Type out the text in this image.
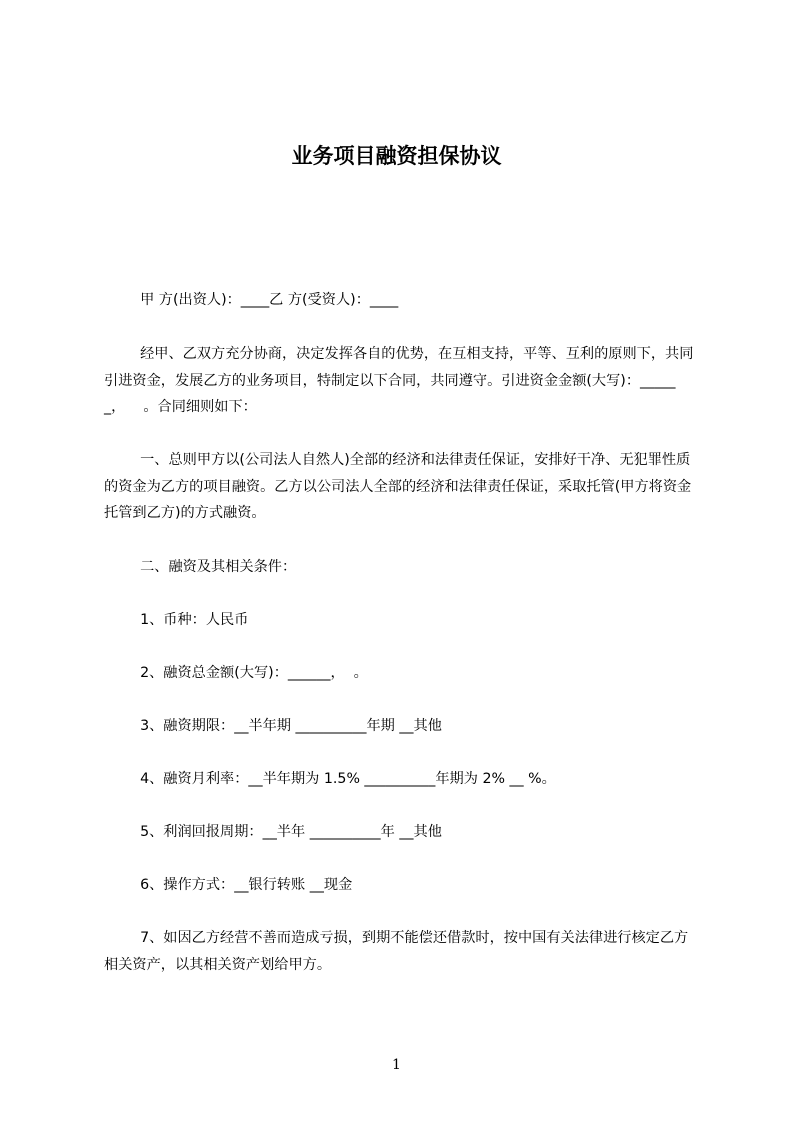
业务项目融资担保协议
甲 方(出资人)：____乙 方(受资人)：____
经甲、乙双方充分协商，决定发挥各自的优势，在互相支持，平等、互利的原则下，共同引进资金，发展乙方的业务项目，特制定以下合同，共同遵守。引进资金金额(大写)：______，    。合同细则如下：
一、总则甲方以(公司法人自然人)全部的经济和法律责任保证，安排好干净、无犯罪性质的资金为乙方的项目融资。乙方以公司法人全部的经济和法律责任保证，采取托管(甲方将资金托管到乙方)的方式融资。
二、融资及其相关条件：
1、币种：人民币
2、融资总金额(大写)：______，  。
3、融资期限：__半年期 __________年期 __其他
4、融资月利率：__半年期为 1.5% __________年期为 2% __ %。
5、利润回报周期：__半年 __________年 __其他
6、操作方式：__银行转账 __现金
7、如因乙方经营不善而造成亏损，到期不能偿还借款时，按中国有关法律进行核定乙方相关资产，以其相关资产划给甲方。
1
